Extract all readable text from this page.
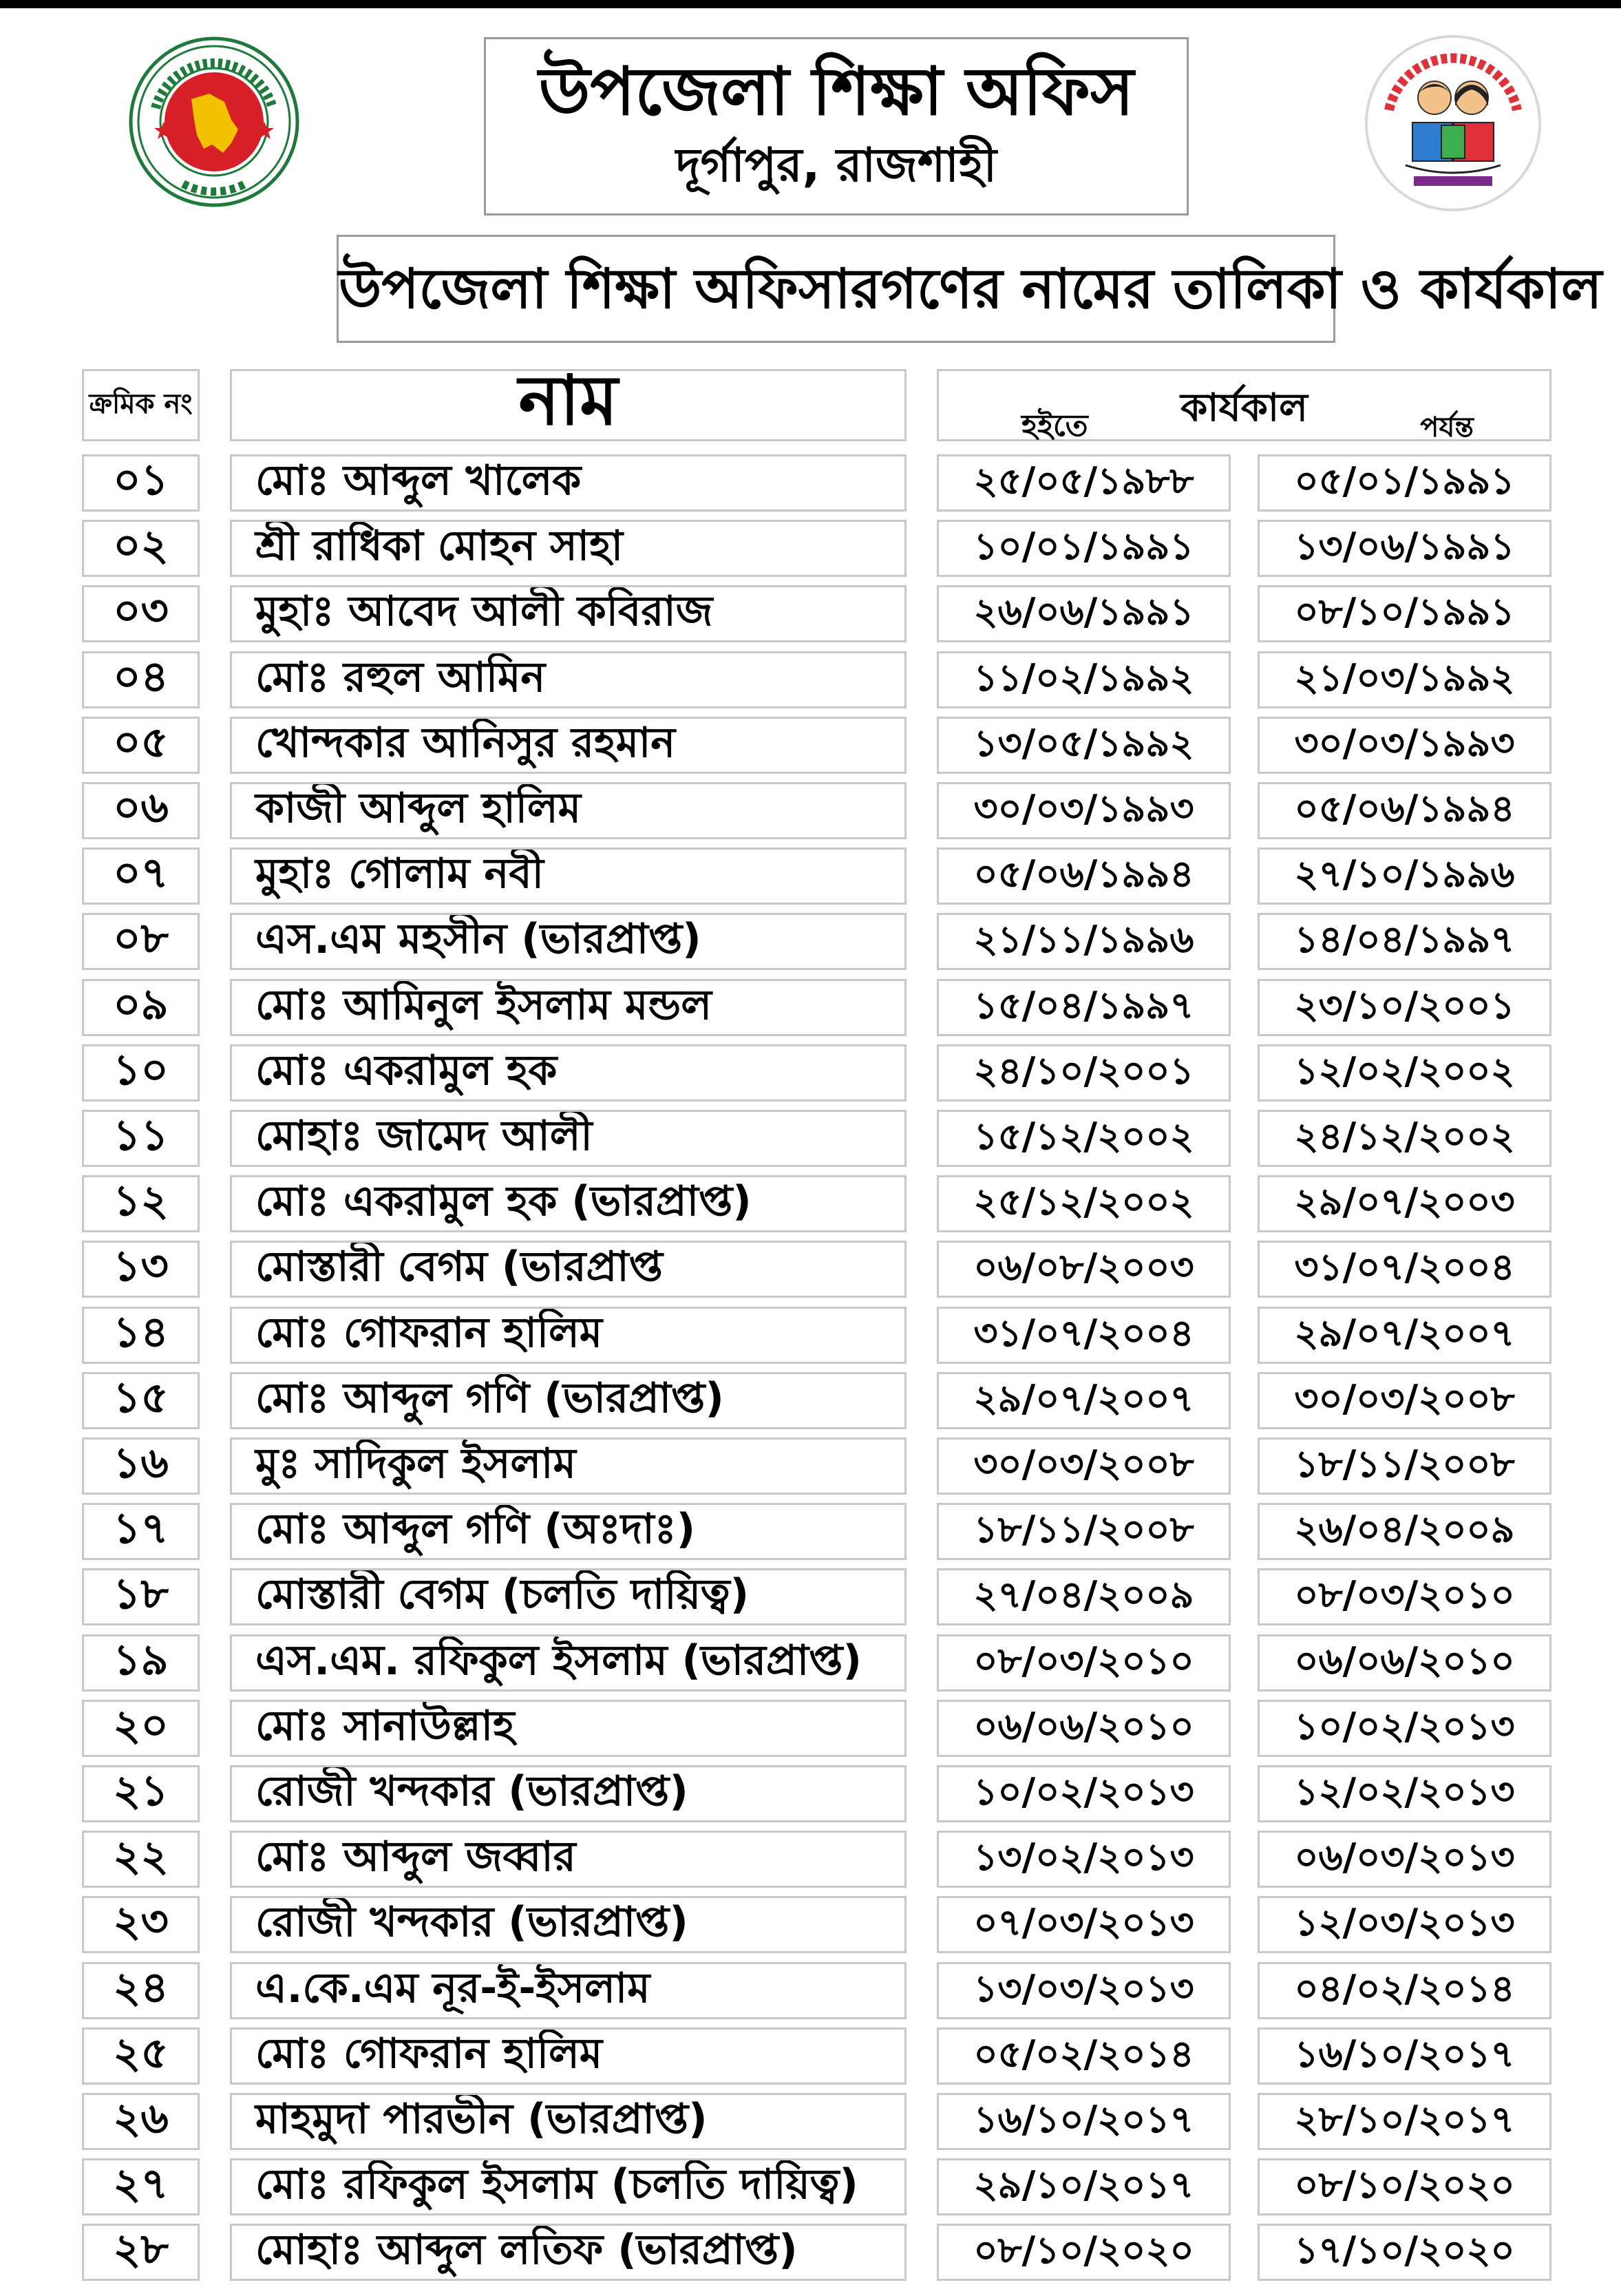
উপজেলা শিক্ষা অফিস
দূর্গাপুর, রাজশাহী
উপজেলা শিক্ষা অফিসারগণের নামের তালিকা ও কার্যকাল
ক্রমিক নং	নাম	কার্যকাল
হইতে	পর্যন্ত
০১	মোঃ আব্দুল খালেক	২৫/০৫/১৯৮৮	০৫/০১/১৯৯১
০২	শ্রী রাধিকা মোহন সাহা	১০/০১/১৯৯১	১৩/০৬/১৯৯১
০৩	মুহাঃ আবেদ আলী কবিরাজ	২৬/০৬/১৯৯১	০৮/১০/১৯৯১
০৪	মোঃ রহুল আমিন	১১/০২/১৯৯২	২১/০৩/১৯৯২
০৫	খোন্দকার আনিসুর রহমান	১৩/০৫/১৯৯২	৩০/০৩/১৯৯৩
০৬	কাজী আব্দুল হালিম	৩০/০৩/১৯৯৩	০৫/০৬/১৯৯৪
০৭	মুহাঃ গোলাম নবী	০৫/০৬/১৯৯৪	২৭/১০/১৯৯৬
০৮	এস.এম মহসীন (ভারপ্রাপ্ত)	২১/১১/১৯৯৬	১৪/০৪/১৯৯৭
০৯	মোঃ আমিনুল ইসলাম মন্ডল	১৫/০৪/১৯৯৭	২৩/১০/২০০১
১০	মোঃ একরামুল হক	২৪/১০/২০০১	১২/০২/২০০২
১১	মোহাঃ জামেদ আলী	১৫/১২/২০০২	২৪/১২/২০০২
১২	মোঃ একরামুল হক (ভারপ্রাপ্ত)	২৫/১২/২০০২	২৯/০৭/২০০৩
১৩	মোস্তারী বেগম (ভারপ্রাপ্ত	০৬/০৮/২০০৩	৩১/০৭/২০০৪
১৪	মোঃ গোফরান হালিম	৩১/০৭/২০০৪	২৯/০৭/২০০৭
১৫	মোঃ আব্দুল গণি (ভারপ্রাপ্ত)	২৯/০৭/২০০৭	৩০/০৩/২০০৮
১৬	মুঃ সাদিকুল ইসলাম	৩০/০৩/২০০৮	১৮/১১/২০০৮
১৭	মোঃ আব্দুল গণি (অঃদাঃ)	১৮/১১/২০০৮	২৬/০৪/২০০৯
১৮	মোস্তারী বেগম (চলতি দায়িত্ব)	২৭/০৪/২০০৯	০৮/০৩/২০১০
১৯	এস.এম. রফিকুল ইসলাম (ভারপ্রাপ্ত)	০৮/০৩/২০১০	০৬/০৬/২০১০
২০	মোঃ সানাউল্লাহ	০৬/০৬/২০১০	১০/০২/২০১৩
২১	রোজী খন্দকার (ভারপ্রাপ্ত)	১০/০২/২০১৩	১২/০২/২০১৩
২২	মোঃ আব্দুল জব্বার	১৩/০২/২০১৩	০৬/০৩/২০১৩
২৩	রোজী খন্দকার (ভারপ্রাপ্ত)	০৭/০৩/২০১৩	১২/০৩/২০১৩
২৪	এ.কে.এম নূর-ই-ইসলাম	১৩/০৩/২০১৩	০৪/০২/২০১৪
২৫	মোঃ গোফরান হালিম	০৫/০২/২০১৪	১৬/১০/২০১৭
২৬	মাহমুদা পারভীন (ভারপ্রাপ্ত)	১৬/১০/২০১৭	২৮/১০/২০১৭
২৭	মোঃ রফিকুল ইসলাম (চলতি দায়িত্ব)	২৯/১০/২০১৭	০৮/১০/২০২০
২৮	মোহাঃ আব্দুল লতিফ (ভারপ্রাপ্ত)	০৮/১০/২০২০	১৭/১০/২০২০
